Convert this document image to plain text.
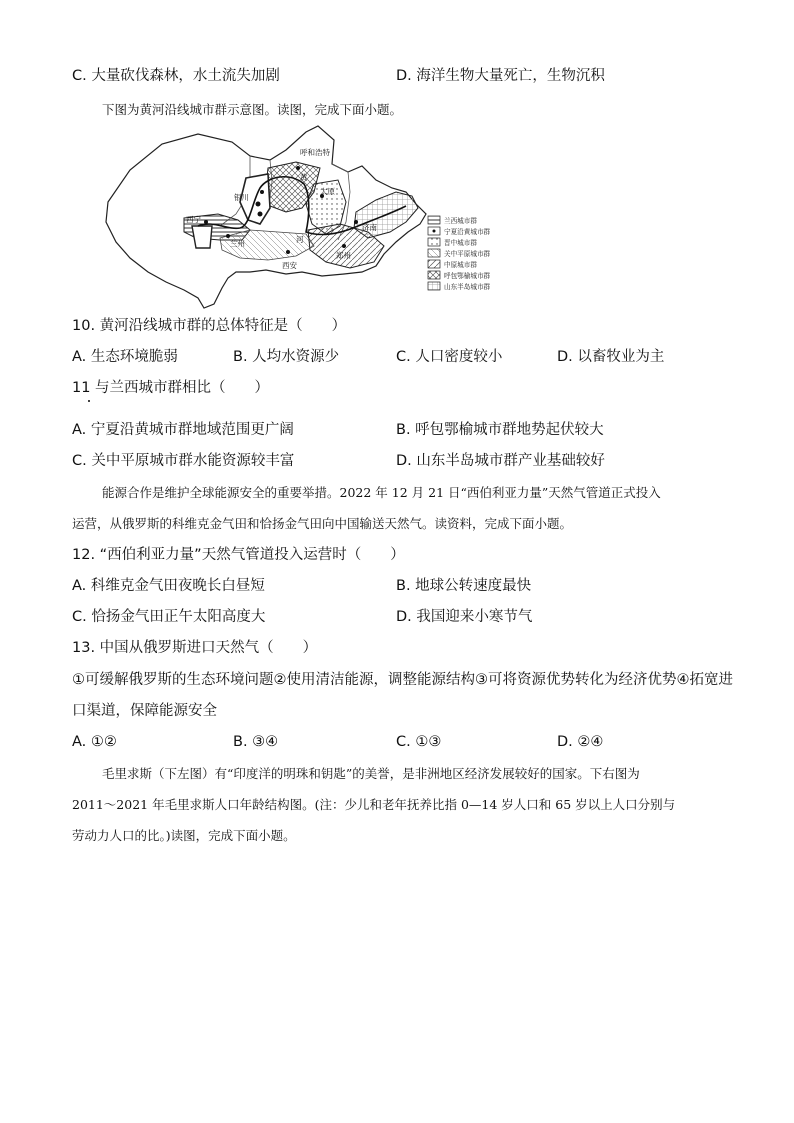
C. 大量砍伐森林，水土流失加剧	D. 海洋生物大量死亡，生物沉积
下图为黄河沿线城市群示意图。读图，完成下面小题。
呼和浩特
银川
太原
西宁
兰州
济南
郑州
西安
黄
河
兰西城市群
宁夏沿黄城市群
晋中城市群
关中平原城市群
中原城市群
呼包鄂榆城市群
山东半岛城市群
10. 黄河沿线城市群的总体特征是（　　）
A. 生态环境脆弱	B. 人均水资源少	C. 人口密度较小	D. 以畜牧业为主
11 与兰西城市群相比（　　）
A. 宁夏沿黄城市群地域范围更广阔	B. 呼包鄂榆城市群地势起伏较大
C. 关中平原城市群水能资源较丰富	D. 山东半岛城市群产业基础较好
能源合作是维护全球能源安全的重要举措。2022 年 12 月 21 日“西伯利亚力量”天然气管道正式投入
运营，从俄罗斯的科维克金气田和恰扬金气田向中国输送天然气。读资料，完成下面小题。
12. “西伯利亚力量”天然气管道投入运营时（　　）
A. 科维克金气田夜晚长白昼短	B. 地球公转速度最快
C. 恰扬金气田正午太阳高度大	D. 我国迎来小寒节气
13. 中国从俄罗斯进口天然气（　　）
①可缓解俄罗斯的生态环境问题②使用清洁能源，调整能源结构③可将资源优势转化为经济优势④拓宽进
口渠道，保障能源安全
A. ①②	B. ③④	C. ①③	D. ②④
毛里求斯（下左图）有“印度洋的明珠和钥匙”的美誉，是非洲地区经济发展较好的国家。下右图为
2011～2021 年毛里求斯人口年龄结构图。(注：少儿和老年抚养比指 0—14 岁人口和 65 岁以上人口分别与
劳动力人口的比。)读图，完成下面小题。
